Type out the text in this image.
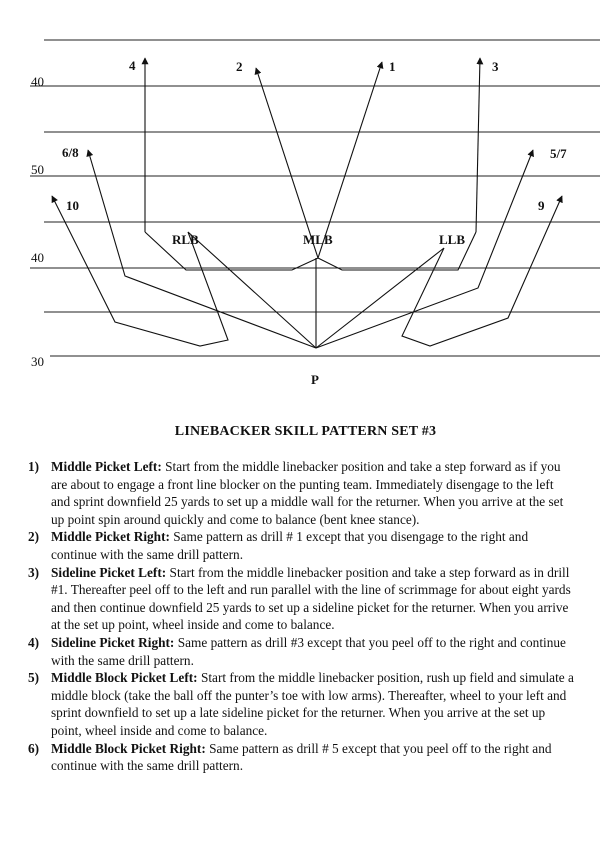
40
50
40
30
RLB	MLB	LLB
P
4	2	1	3
6/8	5/7
10	9
LINEBACKER SKILL PATTERN SET #3
1) Middle Picket Left: Start from the middle linebacker position and take a step forward as if you are about to engage a front line blocker on the punting team. Immediately disengage to the left and sprint downfield 25 yards to set up a middle wall for the returner. When you arrive at the set up point spin around quickly and come to balance (bent knee stance).
2) Middle Picket Right: Same pattern as drill # 1 except that you disengage to the right and continue with the same drill pattern.
3) Sideline Picket Left: Start from the middle linebacker position and take a step forward as in drill #1. Thereafter peel off to the left and run parallel with the line of scrimmage for about eight yards and then continue downfield 25 yards to set up a sideline picket for the returner. When you arrive at the set up point, wheel inside and come to balance.
4) Sideline Picket Right: Same pattern as drill #3 except that you peel off to the right and continue with the same drill pattern.
5) Middle Block Picket Left: Start from the middle linebacker position, rush up field and simulate a middle block (take the ball off the punter’s toe with low arms). Thereafter, wheel to your left and sprint downfield to set up a late sideline picket for the returner. When you arrive at the set up point, wheel inside and come to balance.
6) Middle Block Picket Right: Same pattern as drill # 5 except that you peel off to the right and continue with the same drill pattern.
